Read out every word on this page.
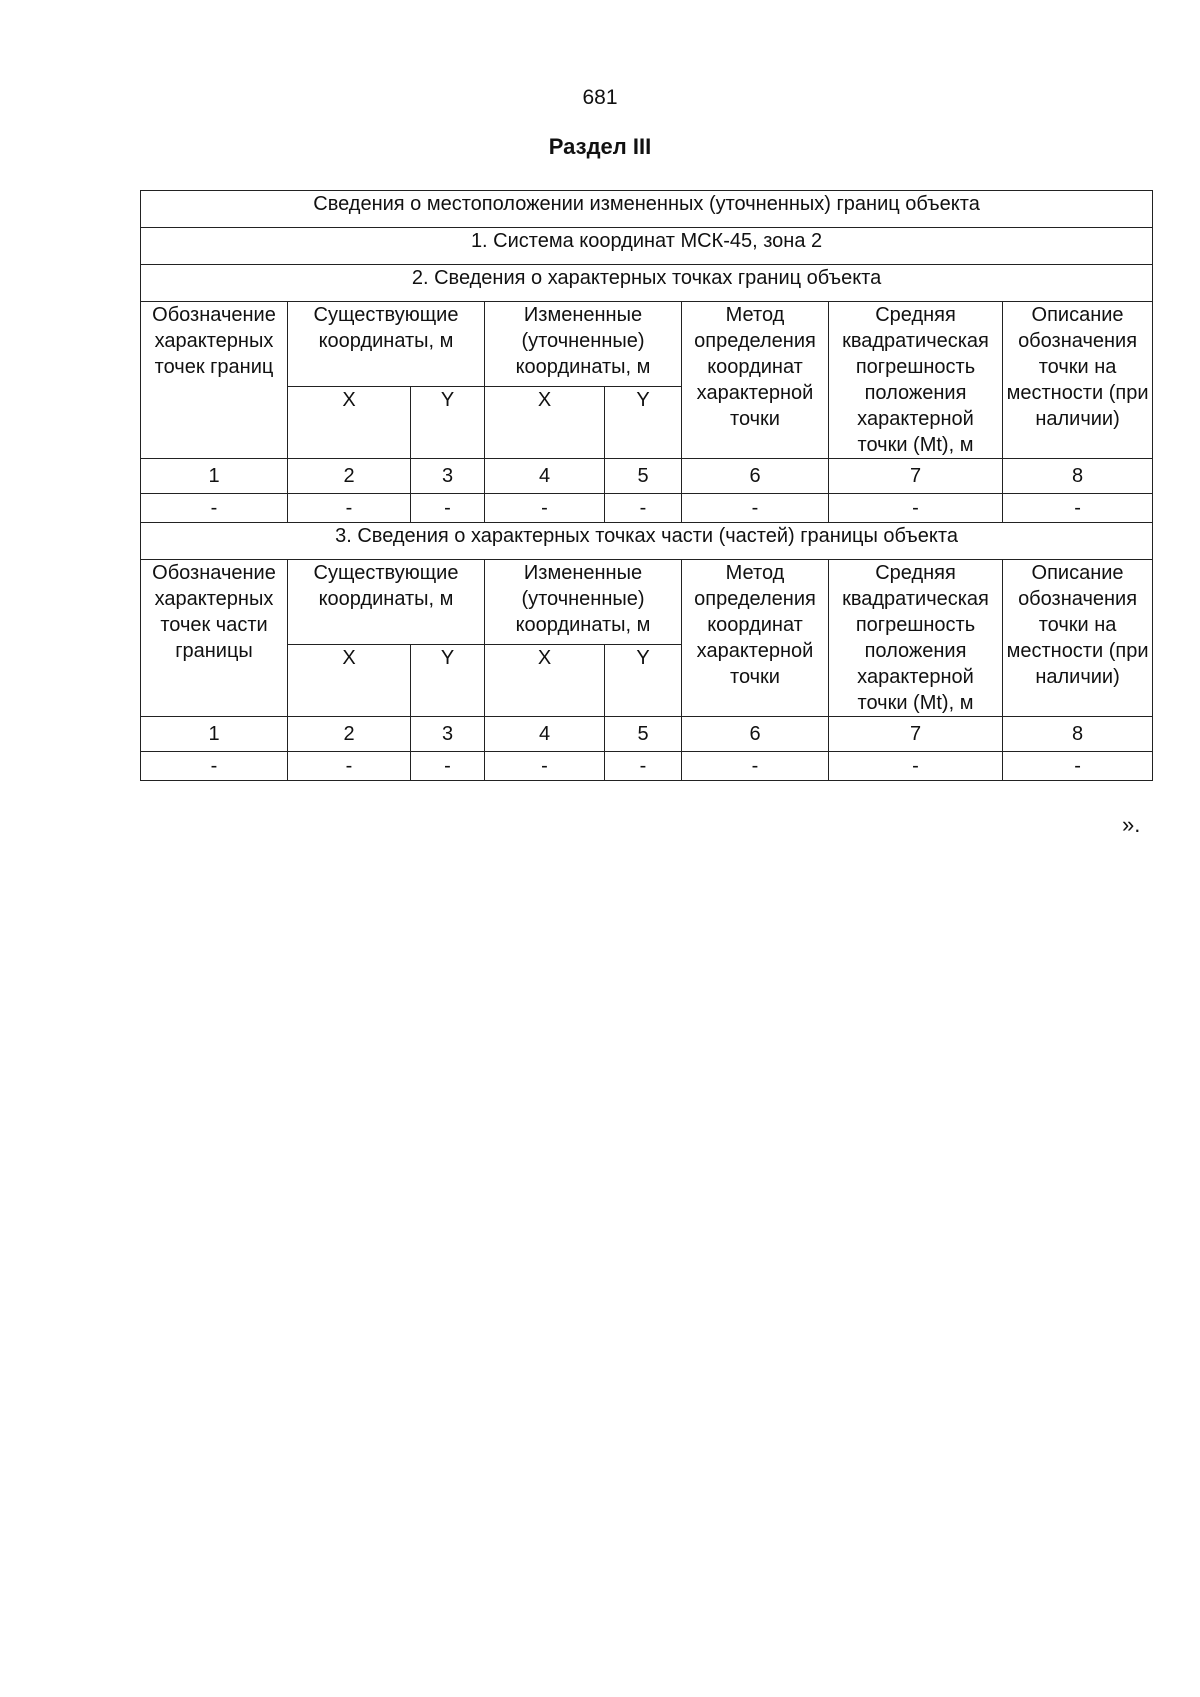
681
Раздел III
Сведения о местоположении измененных (уточненных) границ объекта							
1. Система координат МСК-45, зона 2							
2. Сведения о характерных точках границ объекта							
Обозначение характерных точек границ	Существующие координаты, м		Измененные (уточненные) координаты, м		Метод определения координат характерной точки	Средняя квадратическая погрешность положения характерной точки (Mt), м	Описание обозначения точки на местности (при наличии)
	X	Y	X	Y			
1	2	3	4	5	6	7	8
-	-	-	-	-	-	-	-
3. Сведения о характерных точках части (частей) границы объекта							
Обозначение характерных точек части границы	Существующие координаты, м		Измененные (уточненные) координаты, м		Метод определения координат характерной точки	Средняя квадратическая погрешность положения характерной точки (Mt), м	Описание обозначения точки на местности (при наличии)
	X	Y	X	Y			
1	2	3	4	5	6	7	8
-	-	-	-	-	-	-	-
».
